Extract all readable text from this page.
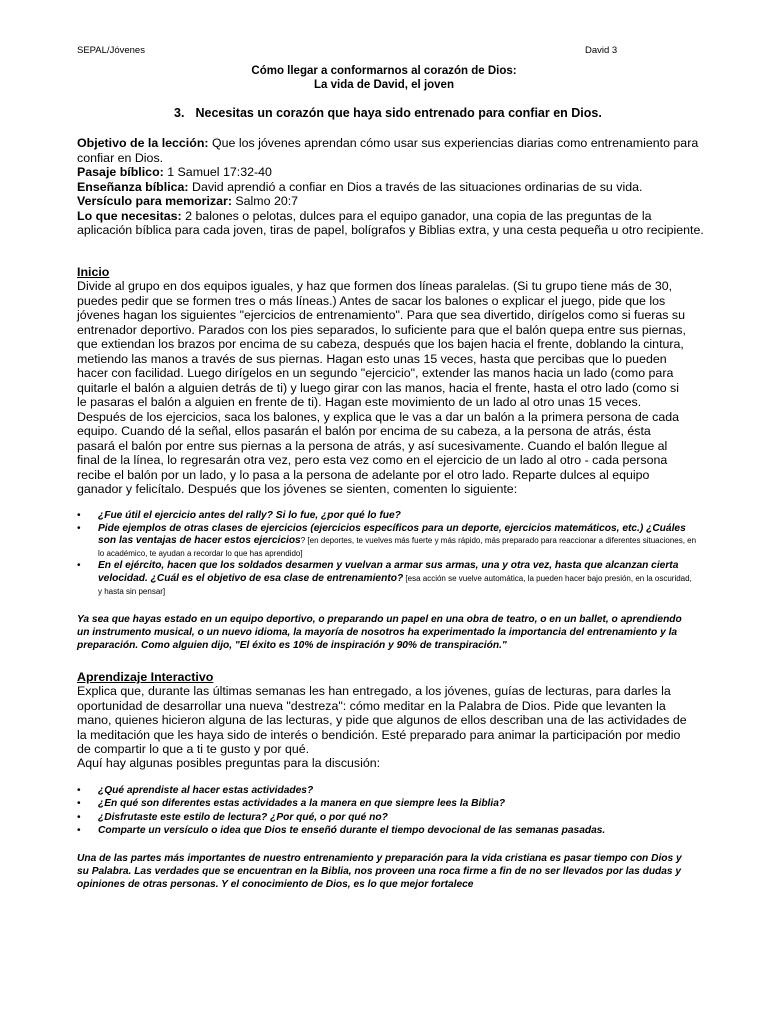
SEPAL/Jóvenes	David 3
Cómo llegar a conformarnos al corazón de Dios:
La vida de David, el joven
3. Necesitas un corazón que haya sido entrenado para confiar en Dios.

Objetivo de la lección: Que los jóvenes aprendan cómo usar sus experiencias diarias como entrenamiento para confiar en Dios.

Pasaje bíblico: 1 Samuel 17:32-40

Enseñanza bíblica: David aprendió a confiar en Dios a través de las situaciones ordinarias de su vida.

Versículo para memorizar: Salmo 20:7

Lo que necesitas: 2 balones o pelotas, dulces para el equipo ganador, una copia de las preguntas de la aplicación bíblica para cada joven, tiras de papel, bolígrafos y Biblias extra, y una cesta pequeña u otro recipiente.

Inicio

Divide al grupo en dos equipos iguales, y haz que formen dos líneas paralelas. (Si tu grupo tiene más de 30, puedes pedir que se formen tres o más líneas.) Antes de sacar los balones o explicar el juego, pide que los jóvenes hagan los siguientes "ejercicios de entrenamiento". Para que sea divertido, dirígelos como si fueras su entrenador deportivo. Parados con los pies separados, lo suficiente para que el balón quepa entre sus piernas, que extiendan los brazos por encima de su cabeza, después que los bajen hacia el frente, doblando la cintura, metiendo las manos a través de sus piernas. Hagan esto unas 15 veces, hasta que percibas que lo pueden hacer con facilidad. Luego dirígelos en un segundo "ejercicio", extender las manos hacia un lado (como para quitarle el balón a alguien detrás de ti) y luego girar con las manos, hacia el frente, hasta el otro lado (como si le pasaras el balón a alguien en frente de ti). Hagan este movimiento de un lado al otro unas 15 veces. Después de los ejercicios, saca los balones, y explica que le vas a dar un balón a la primera persona de cada equipo. Cuando dé la señal, ellos pasarán el balón por encima de su cabeza, a la persona de atrás, ésta pasará el balón por entre sus piernas a la persona de atrás, y así sucesivamente. Cuando el balón llegue al final de la línea, lo regresarán otra vez, pero esta vez como en el ejercicio de un lado al otro - cada persona recibe el balón por un lado, y lo pasa a la persona de adelante por el otro lado. Reparte dulces al equipo ganador y felicítalo. Después que los jóvenes se sienten, comenten lo siguiente:

• ¿Fue útil el ejercicio antes del rally? Si lo fue, ¿por qué lo fue?
• Pide ejemplos de otras clases de ejercicios (ejercicios específicos para un deporte, ejercicios matemáticos, etc.) ¿Cuáles son las ventajas de hacer estos ejercicios? [en deportes, te vuelves más fuerte y más rápido, más preparado para reaccionar a diferentes situaciones, en lo académico, te ayudan a recordar lo que has aprendido]
• En el ejército, hacen que los soldados desarmen y vuelvan a armar sus armas, una y otra vez, hasta que alcanzan cierta velocidad. ¿Cuál es el objetivo de esa clase de entrenamiento? [esa acción se vuelve automática, la pueden hacer bajo presión, en la oscuridad, y hasta sin pensar]

Ya sea que hayas estado en un equipo deportivo, o preparando un papel en una obra de teatro, o en un ballet, o aprendiendo un instrumento musical, o un nuevo idioma, la mayoría de nosotros ha experimentado la importancia del entrenamiento y la preparación. Como alguien dijo, "El éxito es 10% de inspiración y 90% de transpiración."

Aprendizaje Interactivo

Explica que, durante las últimas semanas les han entregado, a los jóvenes, guías de lecturas, para darles la oportunidad de desarrollar una nueva "destreza": cómo meditar en la Palabra de Dios. Pide que levanten la mano, quienes hicieron alguna de las lecturas, y pide que algunos de ellos describan una de las actividades de la meditación que les haya sido de interés o bendición. Esté preparado para animar la participación por medio de compartir lo que a ti te gusto y por qué.

Aquí hay algunas posibles preguntas para la discusión:

• ¿Qué aprendiste al hacer estas actividades?
• ¿En qué son diferentes estas actividades a la manera en que siempre lees la Biblia?
• ¿Disfrutaste este estilo de lectura? ¿Por qué, o por qué no?
• Comparte un versículo o idea que Dios te enseñó durante el tiempo devocional de las semanas pasadas.

Una de las partes más importantes de nuestro entrenamiento y preparación para la vida cristiana es pasar tiempo con Dios y su Palabra. Las verdades que se encuentran en la Biblia, nos proveen una roca firme a fin de no ser llevados por las dudas y opiniones de otras personas. Y el conocimiento de Dios, es lo que mejor fortalece
